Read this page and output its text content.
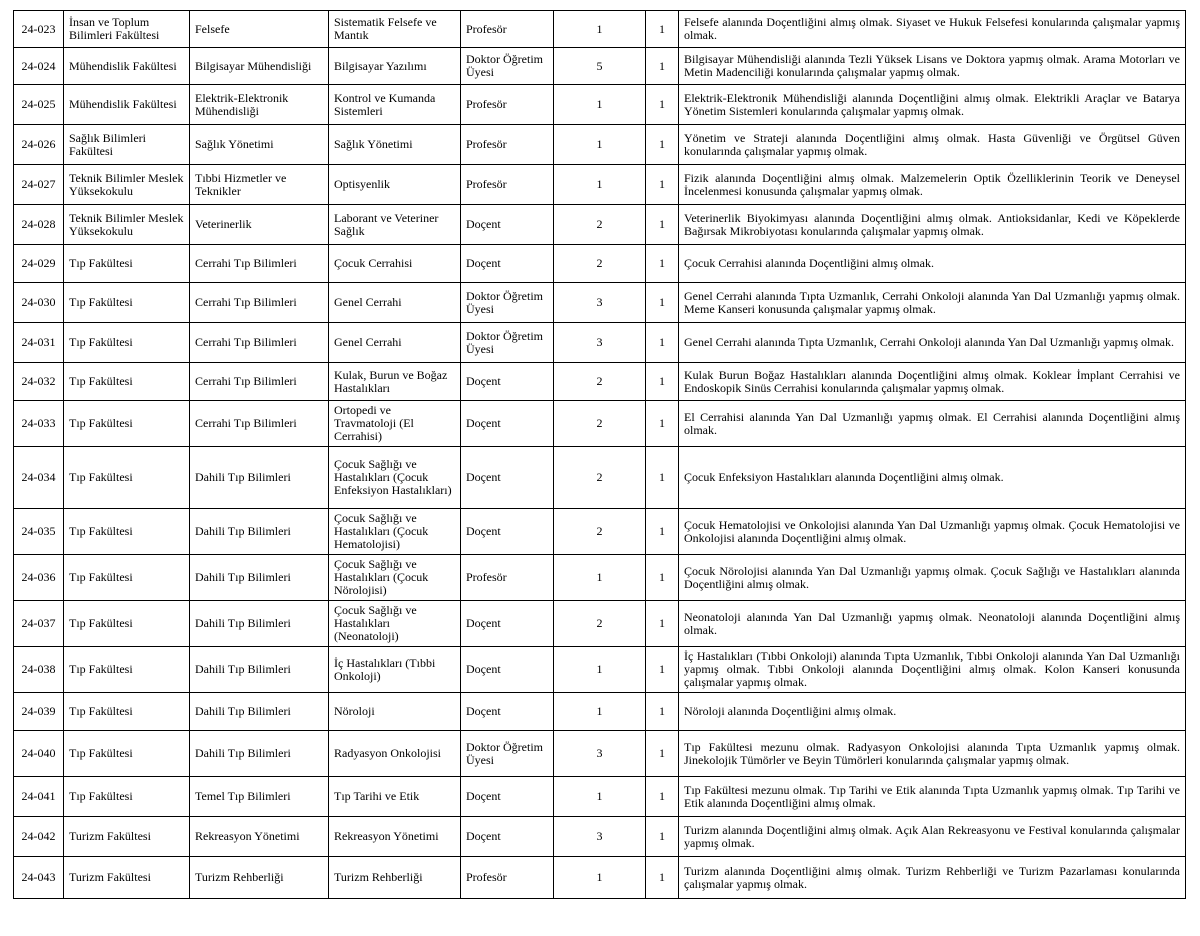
24-023	İnsan ve Toplum Bilimleri Fakültesi	Felsefe	Sistematik Felsefe ve Mantık	Profesör	1	1	Felsefe alanında Doçentliğini almış olmak. Siyaset ve Hukuk Felsefesi konularında çalışmalar yapmış olmak.
24-024	Mühendislik Fakültesi	Bilgisayar Mühendisliği	Bilgisayar Yazılımı	Doktor Öğretim Üyesi	5	1	Bilgisayar Mühendisliği alanında Tezli Yüksek Lisans ve Doktora yapmış olmak. Arama Motorları ve Metin Madenciliği konularında çalışmalar yapmış olmak.
24-025	Mühendislik Fakültesi	Elektrik-Elektronik Mühendisliği	Kontrol ve Kumanda Sistemleri	Profesör	1	1	Elektrik-Elektronik Mühendisliği alanında Doçentliğini almış olmak. Elektrikli Araçlar ve Batarya Yönetim Sistemleri konularında çalışmalar yapmış olmak.
24-026	Sağlık Bilimleri Fakültesi	Sağlık Yönetimi	Sağlık Yönetimi	Profesör	1	1	Yönetim ve Strateji alanında Doçentliğini almış olmak. Hasta Güvenliği ve Örgütsel Güven konularında çalışmalar yapmış olmak.
24-027	Teknik Bilimler Meslek Yüksekokulu	Tıbbi Hizmetler ve Teknikler	Optisyenlik	Profesör	1	1	Fizik alanında Doçentliğini almış olmak. Malzemelerin Optik Özelliklerinin Teorik ve Deneysel İncelenmesi konusunda çalışmalar yapmış olmak.
24-028	Teknik Bilimler Meslek Yüksekokulu	Veterinerlik	Laborant ve Veteriner Sağlık	Doçent	2	1	Veterinerlik Biyokimyası alanında Doçentliğini almış olmak. Antioksidanlar, Kedi ve Köpeklerde Bağırsak Mikrobiyotası konularında çalışmalar yapmış olmak.
24-029	Tıp Fakültesi	Cerrahi Tıp Bilimleri	Çocuk Cerrahisi	Doçent	2	1	Çocuk Cerrahisi alanında Doçentliğini almış olmak.
24-030	Tıp Fakültesi	Cerrahi Tıp Bilimleri	Genel Cerrahi	Doktor Öğretim Üyesi	3	1	Genel Cerrahi alanında Tıpta Uzmanlık, Cerrahi Onkoloji alanında Yan Dal Uzmanlığı yapmış olmak. Meme Kanseri konusunda çalışmalar yapmış olmak.
24-031	Tıp Fakültesi	Cerrahi Tıp Bilimleri	Genel Cerrahi	Doktor Öğretim Üyesi	3	1	Genel Cerrahi alanında Tıpta Uzmanlık, Cerrahi Onkoloji alanında Yan Dal Uzmanlığı yapmış olmak.
24-032	Tıp Fakültesi	Cerrahi Tıp Bilimleri	Kulak, Burun ve Boğaz Hastalıkları	Doçent	2	1	Kulak Burun Boğaz Hastalıkları alanında Doçentliğini almış olmak. Koklear İmplant Cerrahisi ve Endoskopik Sinüs Cerrahisi konularında çalışmalar yapmış olmak.
24-033	Tıp Fakültesi	Cerrahi Tıp Bilimleri	Ortopedi ve Travmatoloji (El Cerrahisi)	Doçent	2	1	El Cerrahisi alanında Yan Dal Uzmanlığı yapmış olmak. El Cerrahisi alanında Doçentliğini almış olmak.
24-034	Tıp Fakültesi	Dahili Tıp Bilimleri	Çocuk Sağlığı ve Hastalıkları (Çocuk Enfeksiyon Hastalıkları)	Doçent	2	1	Çocuk Enfeksiyon Hastalıkları alanında Doçentliğini almış olmak.
24-035	Tıp Fakültesi	Dahili Tıp Bilimleri	Çocuk Sağlığı ve Hastalıkları (Çocuk Hematolojisi)	Doçent	2	1	Çocuk Hematolojisi ve Onkolojisi alanında Yan Dal Uzmanlığı yapmış olmak. Çocuk Hematolojisi ve Onkolojisi alanında Doçentliğini almış olmak.
24-036	Tıp Fakültesi	Dahili Tıp Bilimleri	Çocuk Sağlığı ve Hastalıkları (Çocuk Nörolojisi)	Profesör	1	1	Çocuk Nörolojisi alanında Yan Dal Uzmanlığı yapmış olmak. Çocuk Sağlığı ve Hastalıkları alanında Doçentliğini almış olmak.
24-037	Tıp Fakültesi	Dahili Tıp Bilimleri	Çocuk Sağlığı ve Hastalıkları (Neonatoloji)	Doçent	2	1	Neonatoloji alanında Yan Dal Uzmanlığı yapmış olmak. Neonatoloji alanında Doçentliğini almış olmak.
24-038	Tıp Fakültesi	Dahili Tıp Bilimleri	İç Hastalıkları (Tıbbi Onkoloji)	Doçent	1	1	İç Hastalıkları (Tıbbi Onkoloji) alanında Tıpta Uzmanlık, Tıbbi Onkoloji alanında Yan Dal Uzmanlığı yapmış olmak. Tıbbi Onkoloji alanında Doçentliğini almış olmak. Kolon Kanseri konusunda çalışmalar yapmış olmak.
24-039	Tıp Fakültesi	Dahili Tıp Bilimleri	Nöroloji	Doçent	1	1	Nöroloji alanında Doçentliğini almış olmak.
24-040	Tıp Fakültesi	Dahili Tıp Bilimleri	Radyasyon Onkolojisi	Doktor Öğretim Üyesi	3	1	Tıp Fakültesi mezunu olmak. Radyasyon Onkolojisi alanında Tıpta Uzmanlık yapmış olmak. Jinekolojik Tümörler ve Beyin Tümörleri konularında çalışmalar yapmış olmak.
24-041	Tıp Fakültesi	Temel Tıp Bilimleri	Tıp Tarihi ve Etik	Doçent	1	1	Tıp Fakültesi mezunu olmak. Tıp Tarihi ve Etik alanında Tıpta Uzmanlık yapmış olmak. Tıp Tarihi ve Etik alanında Doçentliğini almış olmak.
24-042	Turizm Fakültesi	Rekreasyon Yönetimi	Rekreasyon Yönetimi	Doçent	3	1	Turizm alanında Doçentliğini almış olmak. Açık Alan Rekreasyonu ve Festival konularında çalışmalar yapmış olmak.
24-043	Turizm Fakültesi	Turizm Rehberliği	Turizm Rehberliği	Profesör	1	1	Turizm alanında Doçentliğini almış olmak. Turizm Rehberliği ve Turizm Pazarlaması konularında çalışmalar yapmış olmak.
